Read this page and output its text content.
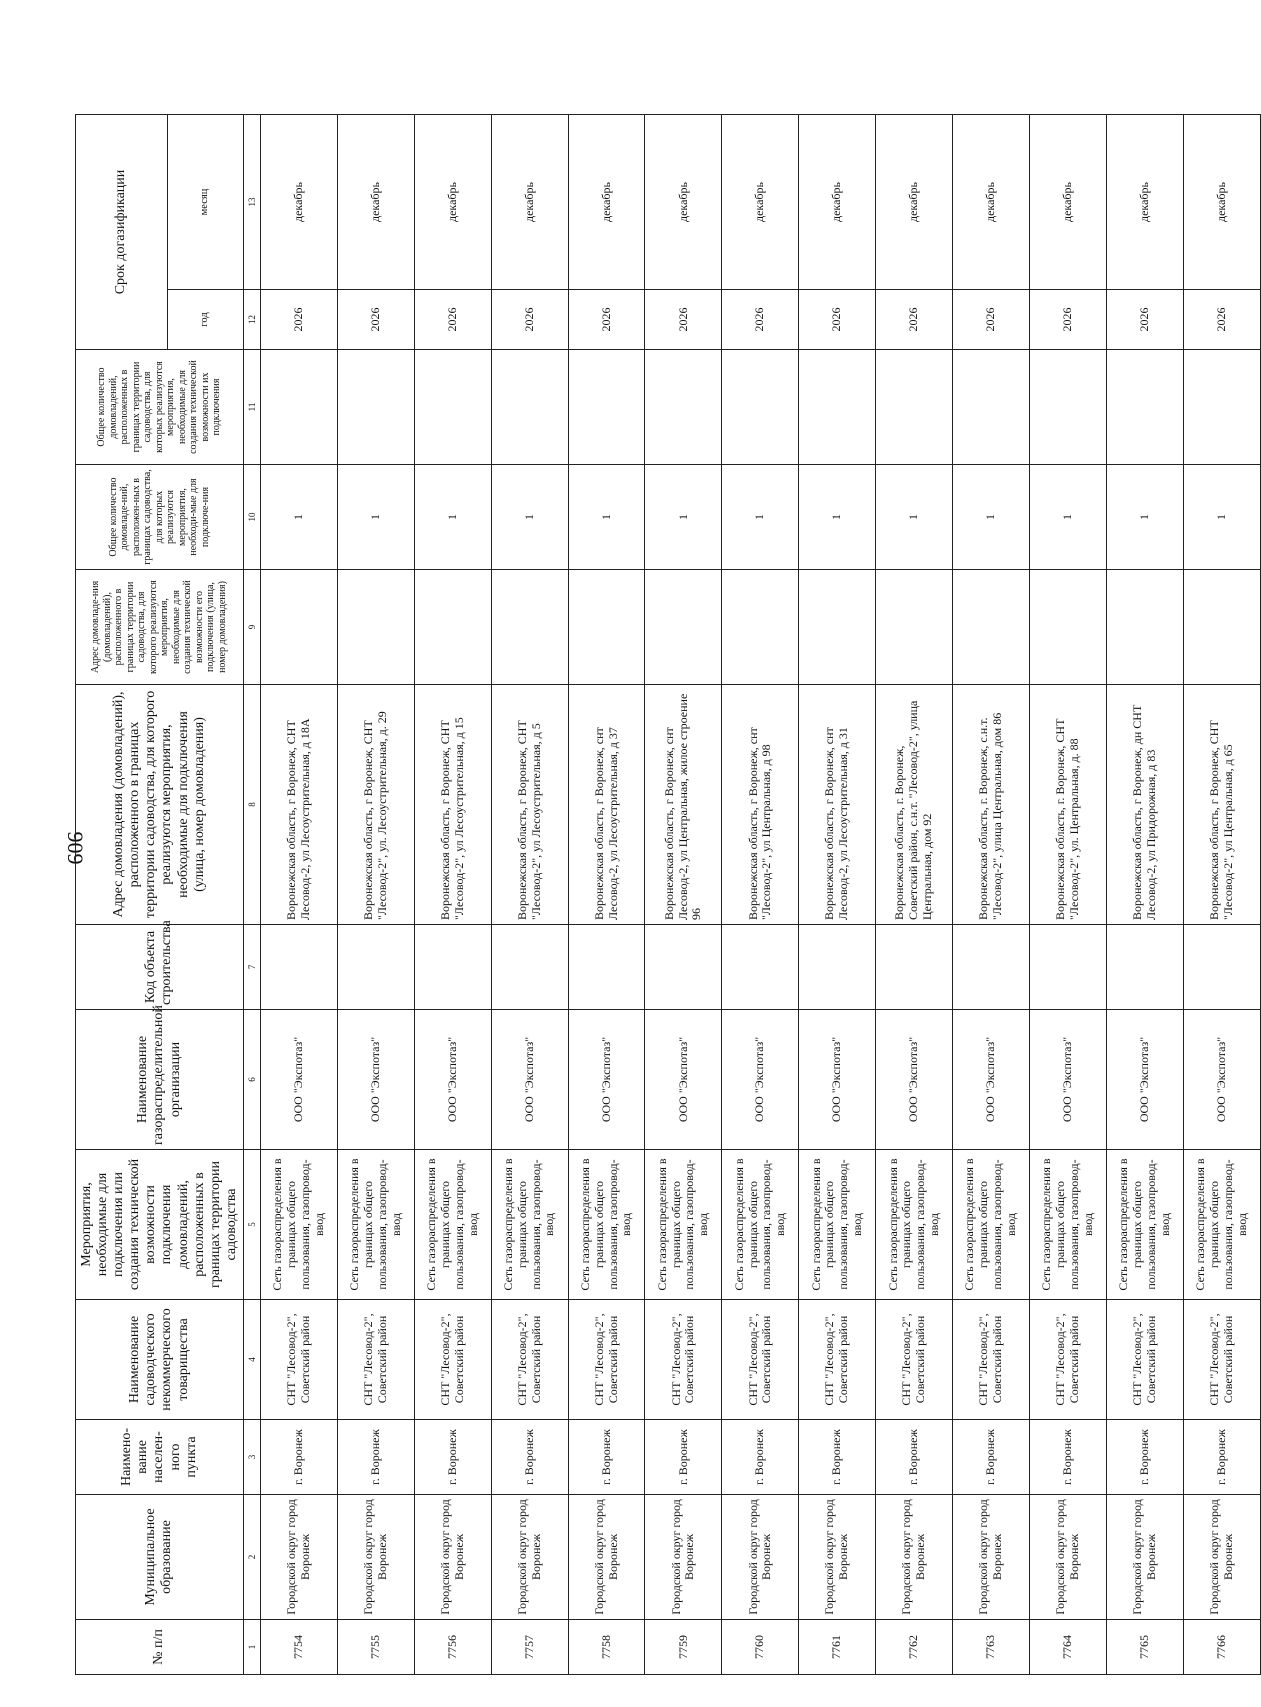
909
№ п/п	Муниципальное образование	Наимено-вание населен-ного пункта	Наименование садоводческого некоммерческого товарищества	Мероприятия, необходимые для подключения или создания технической возможности подключения домовладений, расположенных в границах территории садоводства	Наименование газораспределительной организации	Код объекта строительства	Адрес домовладения (домовладений), расположенного в границах территории садоводства, для которого реализуются мероприятия, необходимые для подключения (улица, номер домовладения)	Адрес домовладе-ния (домовладений), расположенного в границах территории садоводства, для которого реализуются мероприятия, необходимые для создания технической возможности его подключения (улица, номер домовладения)	Общее количество домовладе-ний, расположен-ных в границах садоводства, для которых реализуются мероприятия, необходи-мые для подключе-ния	Общее количество домовладений, расположенных в границах территории садоводства, для которых реализуются мероприятия, необходимые для создания технической возможности их подключения	Срок догазификации	
											год	месяц
1	2	3	4	5	6	7	8	9	10	11	12	13
7754	Городской округ город Воронеж	г. Воронеж	СНТ "Лесовод-2", Советский район	Сеть газораспределения в границах общего пользования, газопровод-ввод	ООО "Экспотаз"		Воронежская область, г Воронеж, СНТ Лесовод-2, ул Лесоустрительная, д 18А		1		2026	декабрь
7755	Городской округ город Воронеж	г. Воронеж	СНТ "Лесовод-2", Советский район	Сеть газораспределения в границах общего пользования, газопровод-ввод	ООО "Экспотаз"		Воронежская область, г Воронеж, СНТ "Лесовод-2", ул. Лесоустрительная, д. 29		1		2026	декабрь
7756	Городской округ город Воронеж	г. Воронеж	СНТ "Лесовод-2", Советский район	Сеть газораспределения в границах общего пользования, газопровод-ввод	ООО "Экспотаз"		Воронежская область, г Воронеж, СНТ "Лесовод-2", ул Лесоустрительная, д 15		1		2026	декабрь
7757	Городской округ город Воронеж	г. Воронеж	СНТ "Лесовод-2", Советский район	Сеть газораспределения в границах общего пользования, газопровод-ввод	ООО "Экспотаз"		Воронежская область, г Воронеж, СНТ "Лесовод-2", ул Лесоустрительная, д 5		1		2026	декабрь
7758	Городской округ город Воронеж	г. Воронеж	СНТ "Лесовод-2", Советский район	Сеть газораспределения в границах общего пользования, газопровод-ввод	ООО "Экспотаз"		Воронежская область, г Воронеж, снт Лесовод-2, ул Лесоустрительная, д 37		1		2026	декабрь
7759	Городской округ город Воронеж	г. Воронеж	СНТ "Лесовод-2", Советский район	Сеть газораспределения в границах общего пользования, газопровод-ввод	ООО "Экспотаз"		Воронежская область, г Воронеж, снт Лесовод-2, ул Центральная, жилое строение 96		1		2026	декабрь
7760	Городской округ город Воронеж	г. Воронеж	СНТ "Лесовод-2", Советский район	Сеть газораспределения в границах общего пользования, газопровод-ввод	ООО "Экспотаз"		Воронежская область, г Воронеж, снт "Лесовод-2", ул Центральная, д 98		1		2026	декабрь
7761	Городской округ город Воронеж	г. Воронеж	СНТ "Лесовод-2", Советский район	Сеть газораспределения в границах общего пользования, газопровод-ввод	ООО "Экспотаз"		Воронежская область, г Воронеж, снт Лесовод-2, ул Лесоустрительная, д 31		1		2026	декабрь
7762	Городской округ город Воронеж	г. Воронеж	СНТ "Лесовод-2", Советский район	Сеть газораспределения в границах общего пользования, газопровод-ввод	ООО "Экспотаз"		Воронежская область, г. Воронеж, Советский район, с.н.т. "Лесовод-2", улица Центральная, дом 92		1		2026	декабрь
7763	Городской округ город Воронеж	г. Воронеж	СНТ "Лесовод-2", Советский район	Сеть газораспределения в границах общего пользования, газопровод-ввод	ООО "Экспотаз"		Воронежская область, г. Воронеж, с.н.т. "Лесовод-2", улица Центральная, дом 86		1		2026	декабрь
7764	Городской округ город Воронеж	г. Воронеж	СНТ "Лесовод-2", Советский район	Сеть газораспределения в границах общего пользования, газопровод-ввод	ООО "Экспотаз"		Воронежская область, г. Воронеж, СНТ "Лесовод-2", ул. Центральная, д. 88		1		2026	декабрь
7765	Городской округ город Воронеж	г. Воронеж	СНТ "Лесовод-2", Советский район	Сеть газораспределения в границах общего пользования, газопровод-ввод	ООО "Экспотаз"		Воронежская область, г Воронеж, дн СНТ Лесовод-2, ул Придорожная, д 83		1		2026	декабрь
7766	Городской округ город Воронеж	г. Воронеж	СНТ "Лесовод-2", Советский район	Сеть газораспределения в границах общего пользования, газопровод-ввод	ООО "Экспотаз"		Воронежская область, г Воронеж, СНТ "Лесовод-2", ул Центральная, д 65		1		2026	декабрь
